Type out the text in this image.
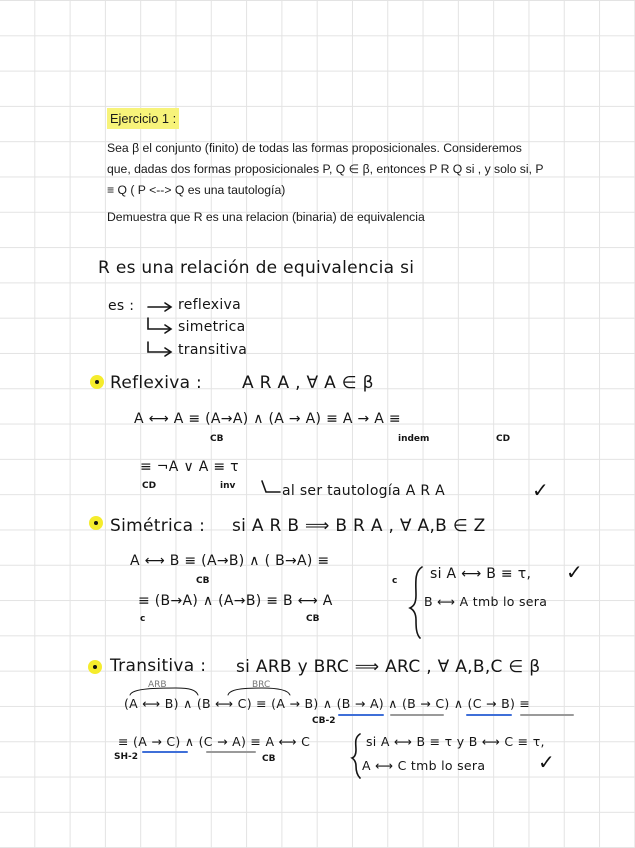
Ejercicio 1 :
Sea β el conjunto (finito) de todas las formas proposicionales. Consideremos que, dadas dos formas proposicionales P, Q ∈ β, entonces P R Q si , y solo si, P ≡ Q ( P <--> Q es una tautología)
Demuestra que R es una relacion (binaria) de equivalencia
R es una relación de equivalencia si
es :	reflexiva
simetrica
transitiva
Reflexiva : A R A , ∀ A ∈ β
A ⟷ A ≡ (A→A) ∧ (A → A) ≡ A → A ≡
CB	indem	CD
≡ ¬A ∨ A ≡ τ
CD	inv	al ser tautología A R A	✓
Simétrica : si A R B ⟹ B R A , ∀ A,B ∈ Z
A ⟷ B ≡ (A→B) ∧ ( B→A) ≡
CB	c si A ⟷ B ≡ τ, ✓
≡ (B→A) ∧ (A→B) ≡ B ⟷ A
c	CB
B ⟷ A tmb lo sera
Transitiva : si ARB y BRC ⟹ ARC , ∀ A,B,C ∈ β
ARB	BRC
(A ⟷ B) ∧ (B ⟷ C) ≡ (A → B) ∧ (B → A) ∧ (B → C) ∧ (C → B) ≡
CB-2
≡ (A → C) ∧ (C → A) ≡ A ⟷ C
SH-2	CB
si A ⟷ B ≡ τ y B ⟷ C ≡ τ,
A ⟷ C tmb lo sera	✓
